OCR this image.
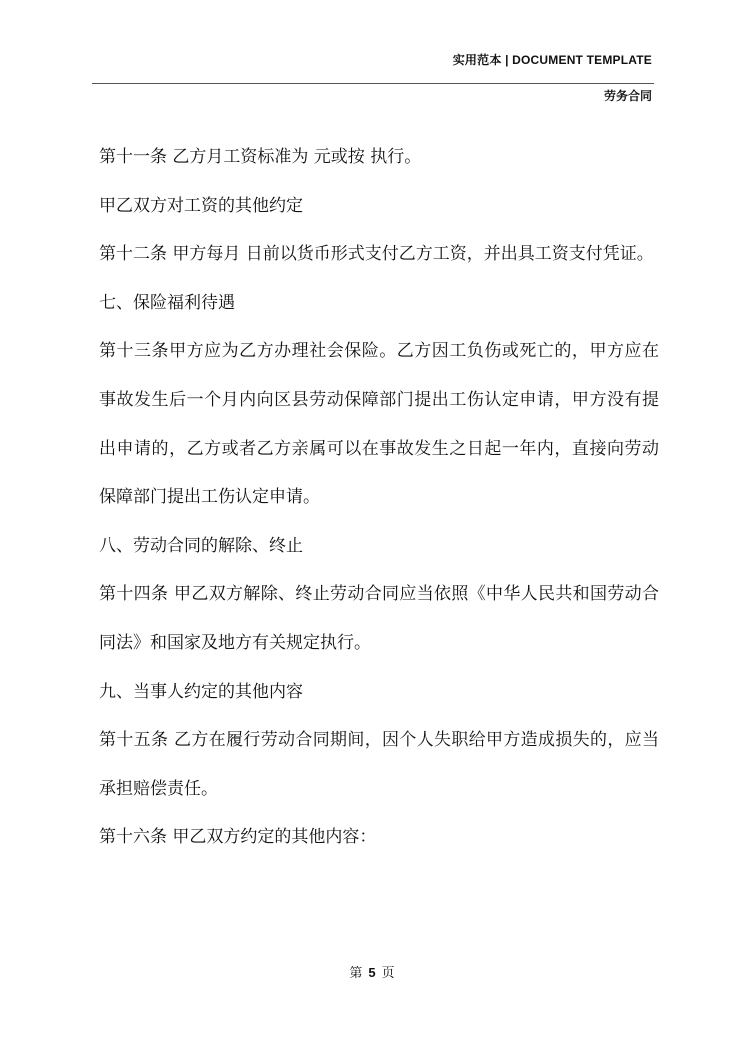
实用范本 | DOCUMENT TEMPLATE
劳务合同

第十一条 乙方月工资标准为 元或按 执行。

甲乙双方对工资的其他约定

第十二条 甲方每月 日前以货币形式支付乙方工资，并出具工资支付凭证。

七、保险福利待遇

第十三条甲方应为乙方办理社会保险。乙方因工负伤或死亡的，甲方应在事故发生后一个月内向区县劳动保障部门提出工伤认定申请，甲方没有提出申请的，乙方或者乙方亲属可以在事故发生之日起一年内，直接向劳动保障部门提出工伤认定申请。

八、劳动合同的解除、终止

第十四条 甲乙双方解除、终止劳动合同应当依照《中华人民共和国劳动合同法》和国家及地方有关规定执行。

九、当事人约定的其他内容

第十五条 乙方在履行劳动合同期间，因个人失职给甲方造成损失的，应当承担赔偿责任。

第十六条 甲乙双方约定的其他内容：

第 5 页
